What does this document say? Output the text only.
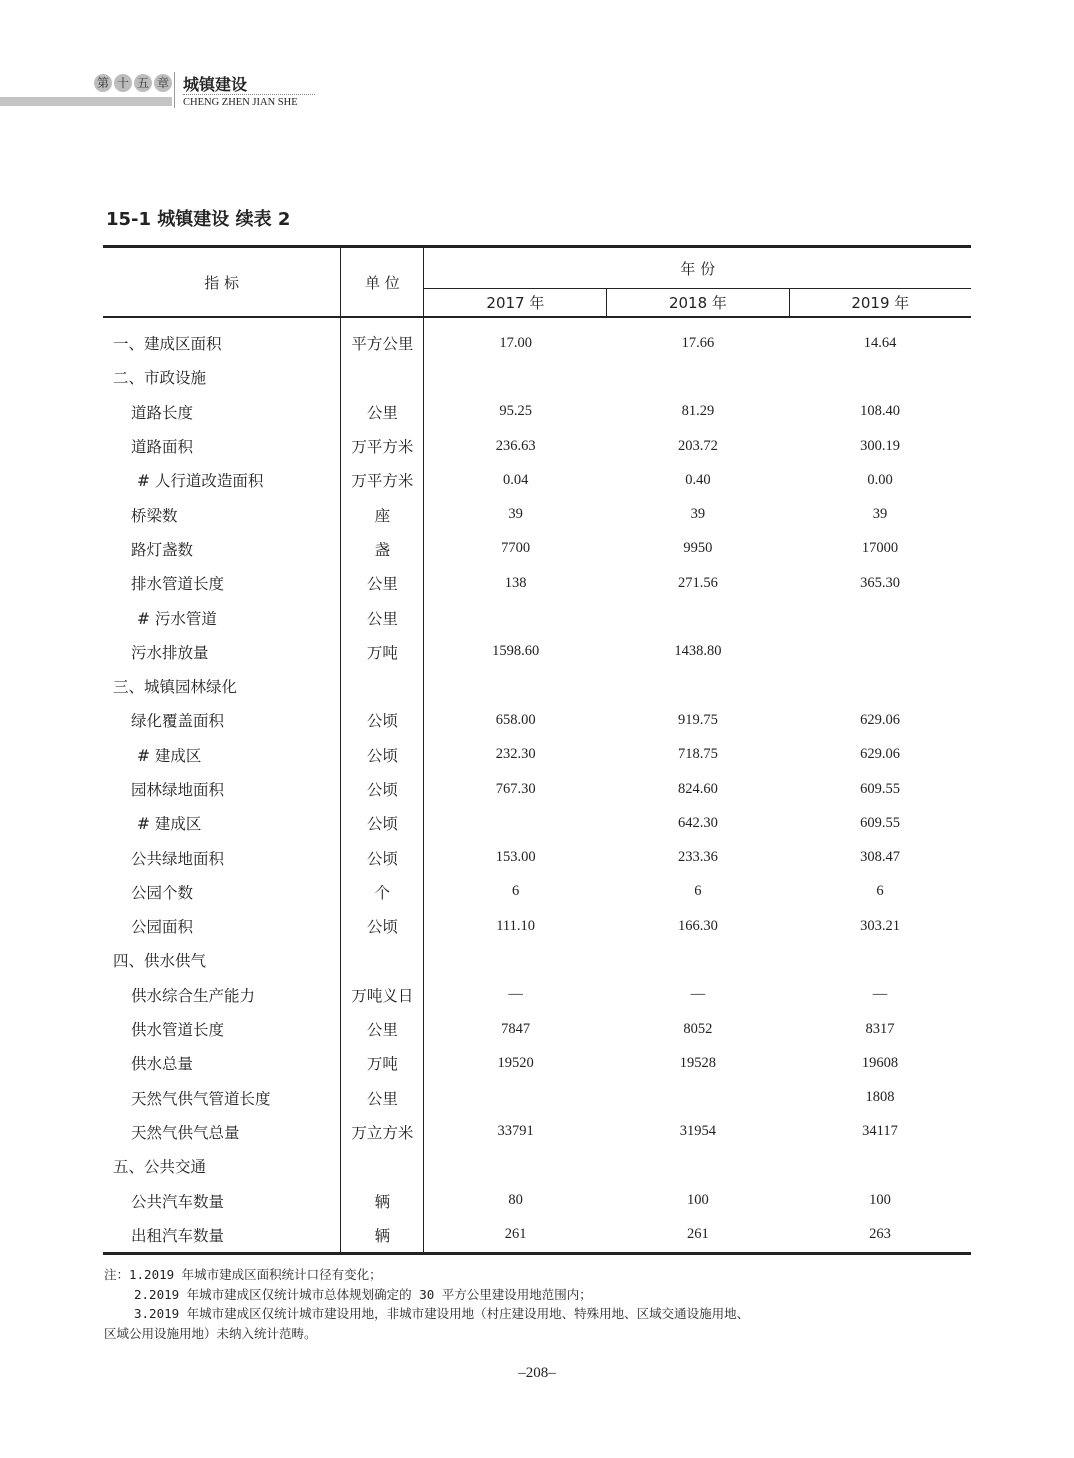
第 十 五 章 城镇建设
CHENG ZHEN JIAN SHE
15-1 城镇建设 续表 2
指 标	单 位	年 份		
		2017 年	2018 年	2019 年
一、建成区面积	平方公里	17.00	17.66	14.64
二、市政设施				
道路长度	公里	95.25	81.29	108.40
道路面积	万平方米	236.63	203.72	300.19
# 人行道改造面积	万平方米	0.04	0.40	0.00
桥梁数	座	39	39	39
路灯盏数	盏	7700	9950	17000
排水管道长度	公里	138	271.56	365.30
# 污水管道	公里			
污水排放量	万吨	1598.60	1438.80	
三、城镇园林绿化				
绿化覆盖面积	公顷	658.00	919.75	629.06
# 建成区	公顷	232.30	718.75	629.06
园林绿地面积	公顷	767.30	824.60	609.55
# 建成区	公顷		642.30	609.55
公共绿地面积	公顷	153.00	233.36	308.47
公园个数	个	6	6	6
公园面积	公顷	111.10	166.30	303.21
四、供水供气				
供水综合生产能力	万吨义日	—	—	—
供水管道长度	公里	7847	8052	8317
供水总量	万吨	19520	19528	19608
天然气供气管道长度	公里			1808
天然气供气总量	万立方米	33791	31954	34117
五、公共交通				
公共汽车数量	辆	80	100	100
出租汽车数量	辆	261	261	263
注：1.2019 年城市建成区面积统计口径有变化；
2.2019 年城市建成区仅统计城市总体规划确定的 30 平方公里建设用地范围内；
3.2019 年城市建成区仅统计城市建设用地，非城市建设用地（村庄建设用地、特殊用地、区域交通设施用地、
区域公用设施用地）未纳入统计范畴。
–208–
